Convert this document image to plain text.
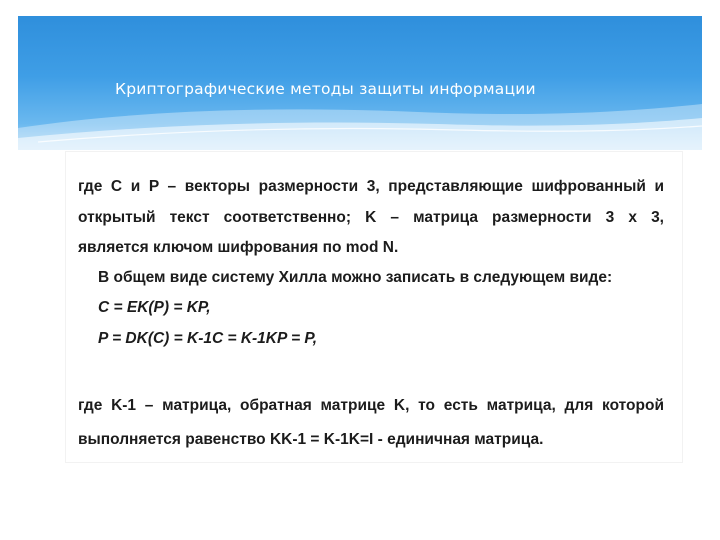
Криптографические методы защиты информации

где C и P – векторы размерности 3, представляющие шифрованный и

открытый текст соответственно; K – матрица размерности 3 x 3,

является ключом шифрования по mod N.

В общем виде систему Хилла можно записать в следующем виде:

C = EK(P) = KP,

P = DK(C) = K-1C = K-1KP = P,

где K-1 – матрица, обратная матрице K, то есть матрица, для которой

выполняется равенство KK-1 = K-1K=I - единичная матрица.
